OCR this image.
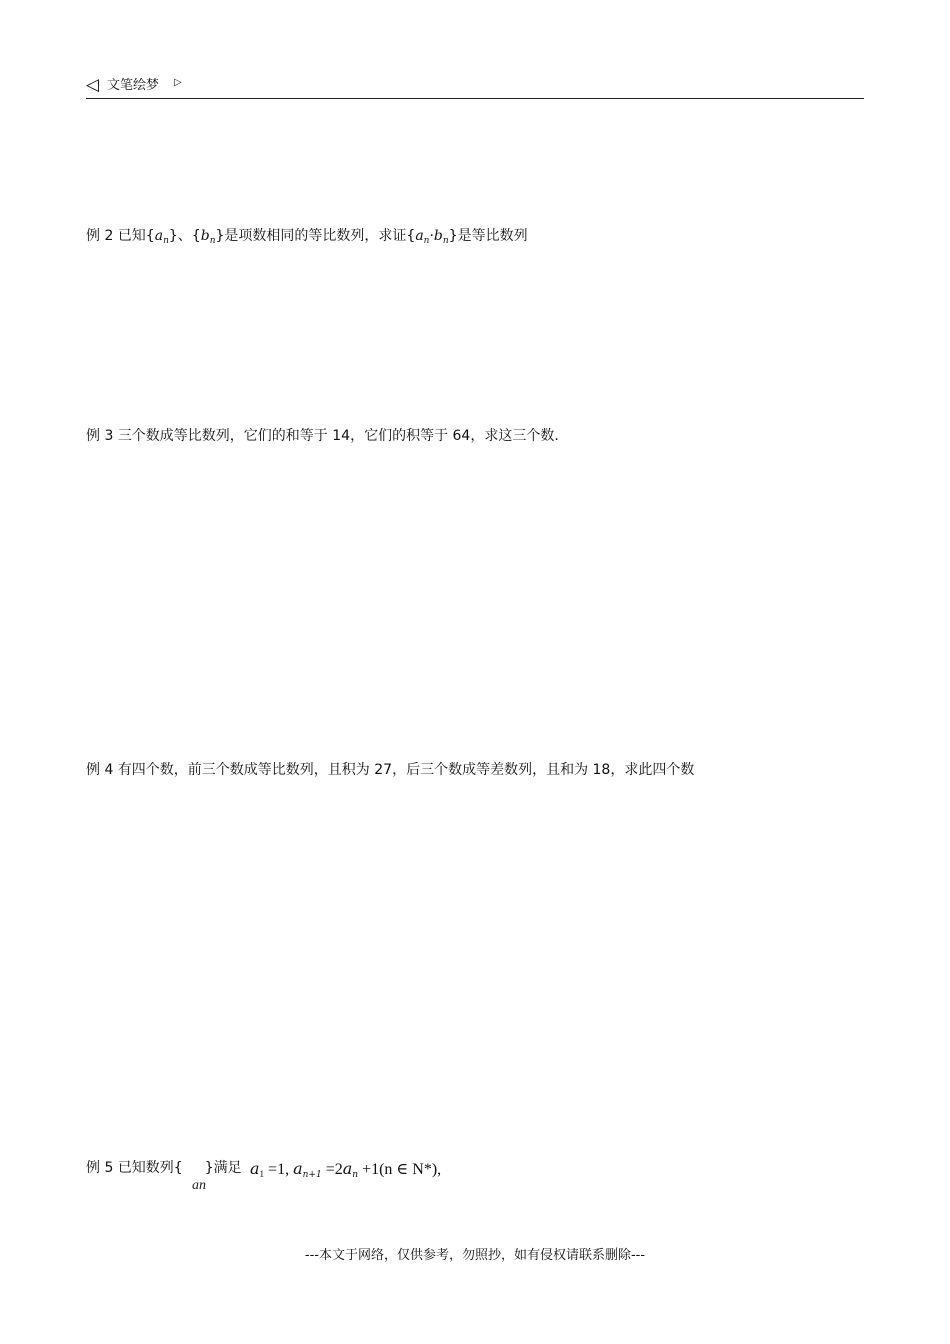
◁ 文笔绘梦 ▷
例 2 已知$\{a_n\}$、$\{b_n\}$是项数相同的等比数列，求证$\{a_n\cdot b_n\}$是等比数列
例 3 三个数成等比数列，它们的和等于 14，它们的积等于 64，求这三个数.
例 4 有四个数，前三个数成等比数列，且积为 27，后三个数成等差数列，且和为 18，求此四个数
例 5 已知数列{ }满足
an
$a_1 =1$, $a_{n+1} =2a_n +1(n$ ∈ N*),
---本文于网络，仅供参考，勿照抄，如有侵权请联系删除---
